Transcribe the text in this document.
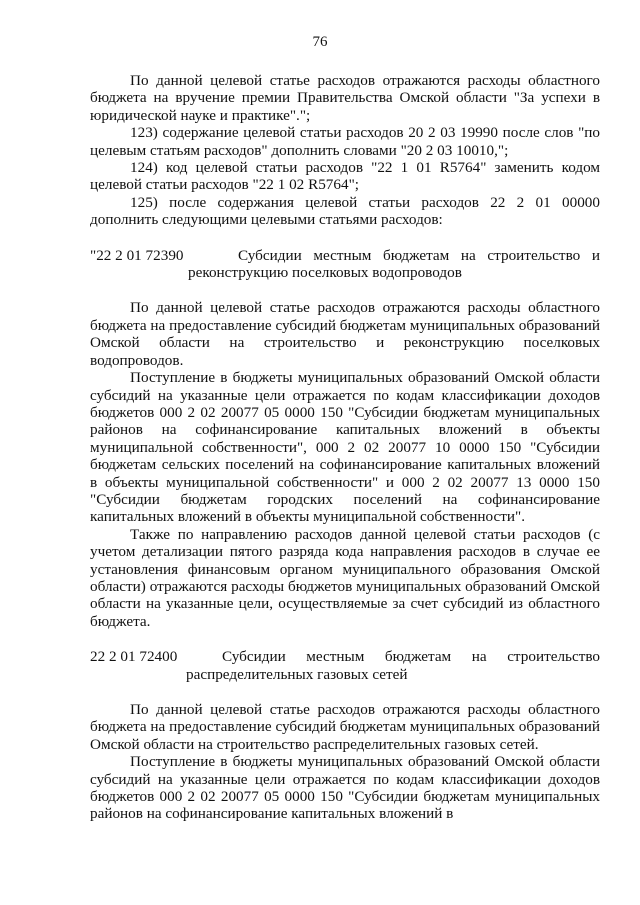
76

По данной целевой статье расходов отражаются расходы областного бюджета на вручение премии Правительства Омской области "За успехи в юридической науке и практике".";

123) содержание целевой статьи расходов 20 2 03 19990 после слов "по целевым статьям расходов" дополнить словами "20 2 03 10010,";

124) код целевой статьи расходов "22 1 01 R5764" заменить кодом целевой статьи расходов "22 1 02 R5764";

125) после содержания целевой статьи расходов 22 2 01 00000 дополнить следующими целевыми статьями расходов:

"22 2 01 72390	Субсидии местным бюджетам на строительство и

реконструкцию поселковых водопроводов

По данной целевой статье расходов отражаются расходы областного бюджета на предоставление субсидий бюджетам муниципальных образований Омской области на строительство и реконструкцию поселковых водопроводов.

Поступление в бюджеты муниципальных образований Омской области субсидий на указанные цели отражается по кодам классификации доходов бюджетов 000 2 02 20077 05 0000 150 "Субсидии бюджетам муниципальных районов на софинансирование капитальных вложений в объекты муниципальной собственности", 000 2 02 20077 10 0000 150 "Субсидии бюджетам сельских поселений на софинансирование капитальных вложений в объекты муниципальной собственности" и 000 2 02 20077 13 0000 150 "Субсидии бюджетам городских поселений на софинансирование капитальных вложений в объекты муниципальной собственности".

Также по направлению расходов данной целевой статьи расходов (с учетом детализации пятого разряда кода направления расходов в случае ее установления финансовым органом муниципального образования Омской области) отражаются расходы бюджетов муниципальных образований Омской области на указанные цели, осуществляемые за счет субсидий из областного бюджета.

22 2 01 72400	Субсидии местным бюджетам на строительство

распределительных газовых сетей

По данной целевой статье расходов отражаются расходы областного бюджета на предоставление субсидий бюджетам муниципальных образований Омской области на строительство распределительных газовых сетей.

Поступление в бюджеты муниципальных образований Омской области субсидий на указанные цели отражается по кодам классификации доходов бюджетов 000 2 02 20077 05 0000 150 "Субсидии бюджетам муниципальных районов на софинансирование капитальных вложений в
